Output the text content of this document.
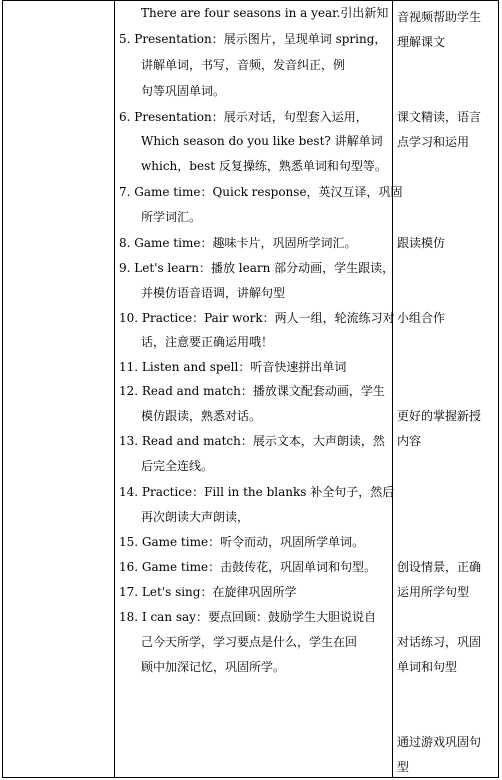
There are four seasons in a year.引出新知
5. Presentation：展示图片，呈现单词 spring，
讲解单词，书写，音频，发音纠正，例
句等巩固单词。
6. Presentation：展示对话，句型套入运用，
Which season do you like best? 讲解单词
which，best 反复操练，熟悉单词和句型等。
7. Game time：Quick response，英汉互译，巩固
所学词汇。
8. Game time：趣味卡片，巩固所学词汇。
9. Let's learn：播放 learn 部分动画，学生跟读，
并模仿语音语调，讲解句型
10. Practice：Pair work：两人一组，轮流练习对
话，注意要正确运用哦！
11. Listen and spell：听音快速拼出单词
12. Read and match：播放课文配套动画，学生
模仿跟读，熟悉对话。
13. Read and match：展示文本，大声朗读，然
后完全连线。
14. Practice：Fill in the blanks 补全句子，然后
再次朗读大声朗读，
15. Game time：听令而动，巩固所学单词。
16. Game time：击鼓传花，巩固单词和句型。
17. Let's sing：在旋律巩固所学
18. I can say：要点回顾：鼓励学生大胆说说自
己今天所学，学习要点是什么，学生在回
顾中加深记忆，巩固所学。
音视频帮助学生
理解课文
课文精读，语言
点学习和运用
跟读模仿
小组合作
更好的掌握新授
内容
创设情景，正确
运用所学句型
对话练习，巩固
单词和句型
通过游戏巩固句
型
